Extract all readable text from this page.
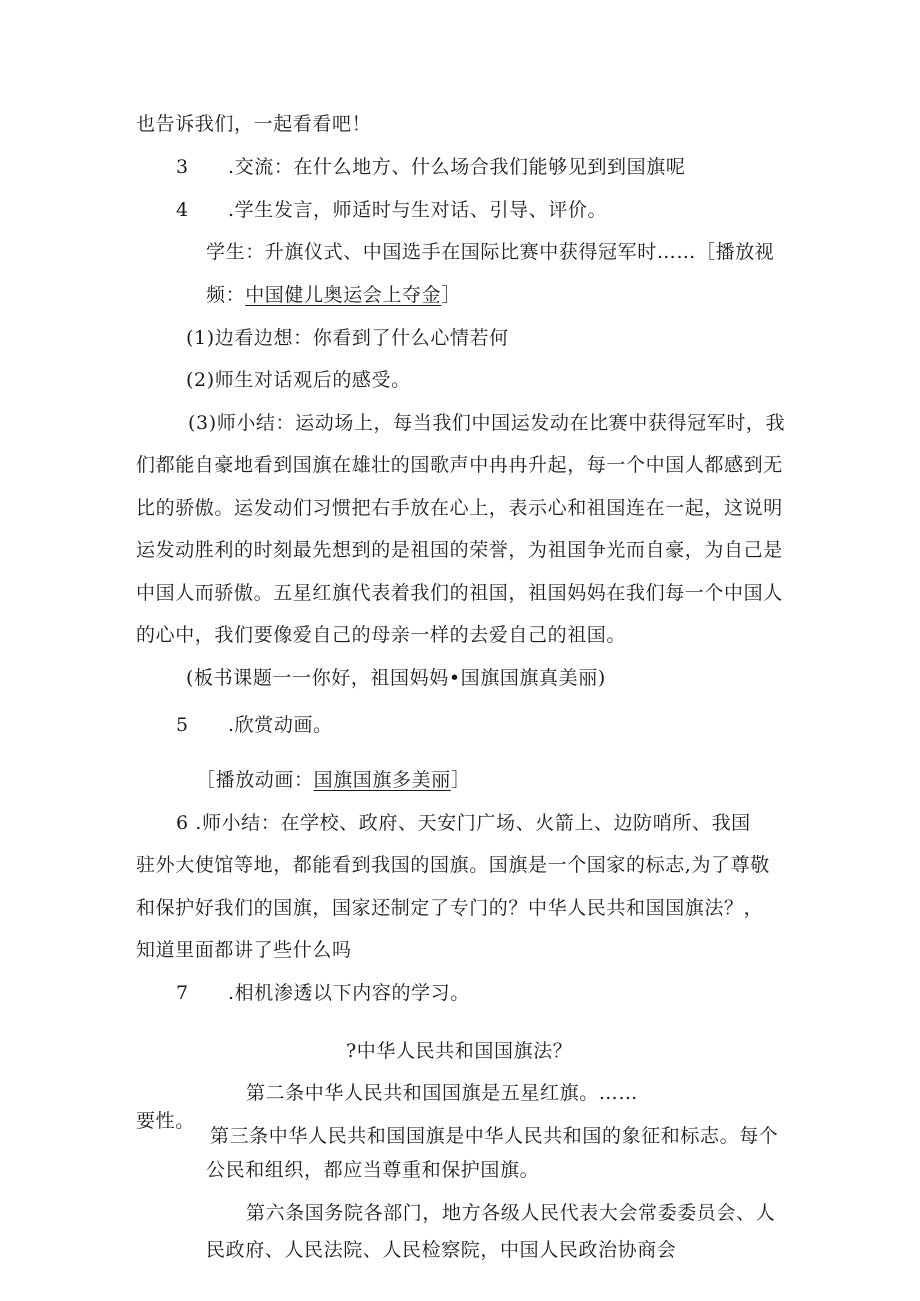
也告诉我们，一起看看吧！
3 .交流：在什么地方、什么场合我们能够见到到国旗呢
4 .学生发言，师适时与生对话、引导、评价。
学生：升旗仪式、中国选手在国际比赛中获得冠军时……［播放视
频：中国健儿奥运会上夺金］
(1)边看边想：你看到了什么心情若何
(2)师生对话观后的感受。
(3)师小结：运动场上，每当我们中国运发动在比赛中获得冠军时，我
们都能自豪地看到国旗在雄壮的国歌声中冉冉升起，每一个中国人都感到无
比的骄傲。运发动们习惯把右手放在心上，表示心和祖国连在一起，这说明
运发动胜利的时刻最先想到的是祖国的荣誉，为祖国争光而自豪，为自己是
中国人而骄傲。五星红旗代表着我们的祖国，祖国妈妈在我们每一个中国人
的心中，我们要像爱自己的母亲一样的去爱自己的祖国。
(板书课题一一你好，祖国妈妈•国旗国旗真美丽)
5 .欣赏动画。
［播放动画：国旗国旗多美丽］
6 .师小结：在学校、政府、天安门广场、火箭上、边防哨所、我国
驻外大使馆等地，都能看到我国的国旗。国旗是一个国家的标志,为了尊敬
和保护好我们的国旗，国家还制定了专门的？中华人民共和国国旗法？，
知道里面都讲了些什么吗
7 .相机渗透以下内容的学习。
?中华人民共和国国旗法？
第二条中华人民共和国国旗是五星红旗。……
要性。
第三条中华人民共和国国旗是中华人民共和国的象征和标志。每个
公民和组织，都应当尊重和保护国旗。
第六条国务院各部门，地方各级人民代表大会常委委员会、人
民政府、人民法院、人民检察院，中国人民政治协商会
